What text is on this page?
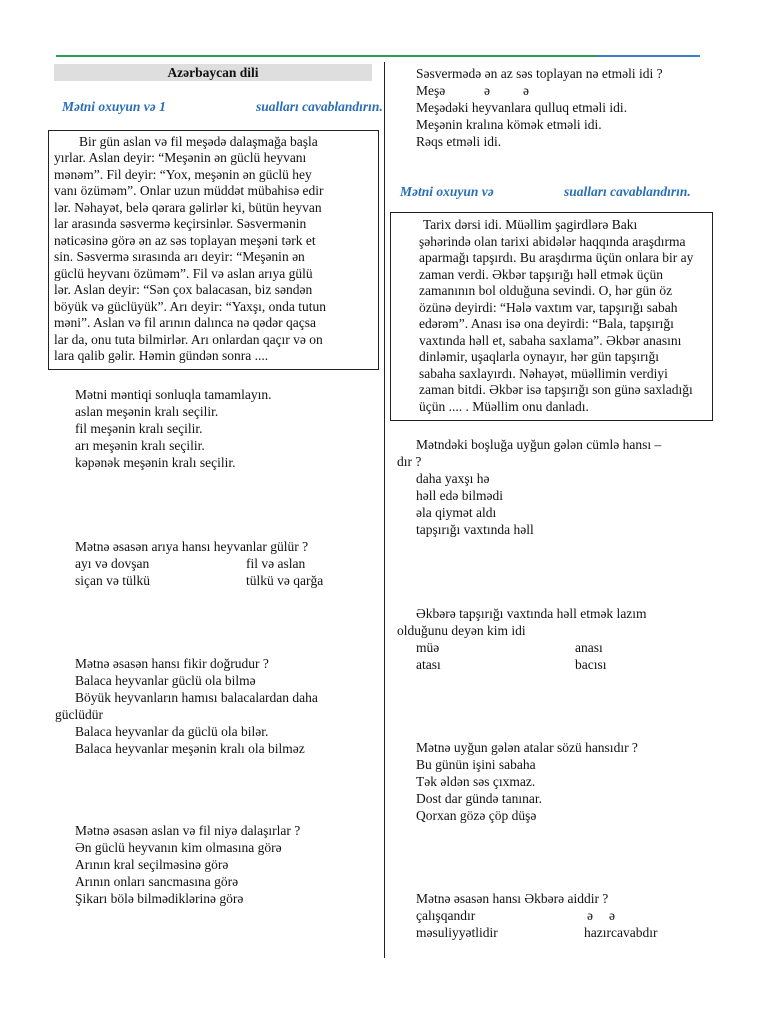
Azərbaycan dili
Mətni oxuyun və 1	sualları cavablandırın.
Bir gün aslan və fil meşədə dalaşmağa başla
yırlar. Aslan deyir: “Meşənin ən güclü heyvanı
mənəm”. Fil deyir: “Yox, meşənin ən güclü hey
vanı özüməm”. Onlar uzun müddət mübahisə edir
lər. Nəhayət, belə qərara gəlirlər ki, bütün heyvan
lar arasında səsvermə keçirsinlər. Səsvermənin
nəticəsinə görə ən az səs toplayan meşəni tərk et
sin. Səsvermə sırasında arı deyir: “Meşənin ən
güclü heyvanı özüməm”. Fil və aslan arıya gülü
lər. Aslan deyir: “Sən çox balacasan, biz səndən
böyük və güclüyük”. Arı deyir: “Yaxşı, onda tutun
məni”. Aslan və fil arının dalınca nə qədər qaçsa
lar da, onu tuta bilmirlər. Arı onlardan qaçır və on
lara qalib gəlir. Həmin gündən sonra ....
Mətni məntiqi sonluqla tamamlayın.
aslan meşənin kralı seçilir.
fil meşənin kralı seçilir.
arı meşənin kralı seçilir.
kəpənək meşənin kralı seçilir.
Mətnə əsasən arıya hansı heyvanlar gülür ?
ayı və dovşan	fil və aslan
siçan və tülkü	tülkü və qarğa
Mətnə əsasən hansı fikir doğrudur ?
Balaca heyvanlar güclü ola bilmə
Böyük heyvanların hamısı balacalardan daha
güclüdür
Balaca heyvanlar da güclü ola bilər.
Balaca heyvanlar meşənin kralı ola bilməz
Mətnə əsasən aslan və fil niyə dalaşırlar ?
Ən güclü heyvanın kim olmasına görə
Arının kral seçilməsinə görə
Arının onları sancmasına görə
Şikarı bölə bilmədiklərinə görə
Səsvermədə ən az səs toplayan nə etməli idi ?
Meşə	ə ə
Meşədəki heyvanlara qulluq etməli idi.
Meşənin kralına kömək etməli idi.
Rəqs etməli idi.
Mətni oxuyun və	sualları cavablandırın.
Tarix dərsi idi. Müəllim şagirdlərə Bakı
şəhərində olan tarixi abidələr haqqında araşdırma
aparmağı tapşırdı. Bu araşdırma üçün onlara bir ay
zaman verdi. Əkbər tapşırığı həll etmək üçün
zamanının bol olduğuna sevindi. O, hər gün öz
özünə deyirdi: “Hələ vaxtım var, tapşırığı sabah
edərəm”. Anası isə ona deyirdi: “Bala, tapşırığı
vaxtında həll et, sabaha saxlama”. Əkbər anasını
dinləmir, uşaqlarla oynayır, hər gün tapşırığı
sabaha saxlayırdı. Nəhayət, müəllimin verdiyi
zaman bitdi. Əkbər isə tapşırığı son günə saxladığı
üçün .... . Müəllim onu danladı.
Mətndəki boşluğa uyğun gələn cümlə hansı –
dır ?
daha yaxşı hə
həll edə bilmədi
əla qiymət aldı
tapşırığı vaxtında həll
Əkbərə tapşırığı vaxtında həll etmək lazım
olduğunu deyən kim idi
müə	anası
atası	bacısı
Mətnə uyğun gələn atalar sözü hansıdır ?
Bu günün işini sabaha
Tək əldən səs çıxmaz.
Dost dar gündə tanınar.
Qorxan gözə çöp düşə
Mətnə əsasən hansı Əkbərə aiddir ?
çalışqandır	ə ə
məsuliyyətlidir	hazırcavabdır
